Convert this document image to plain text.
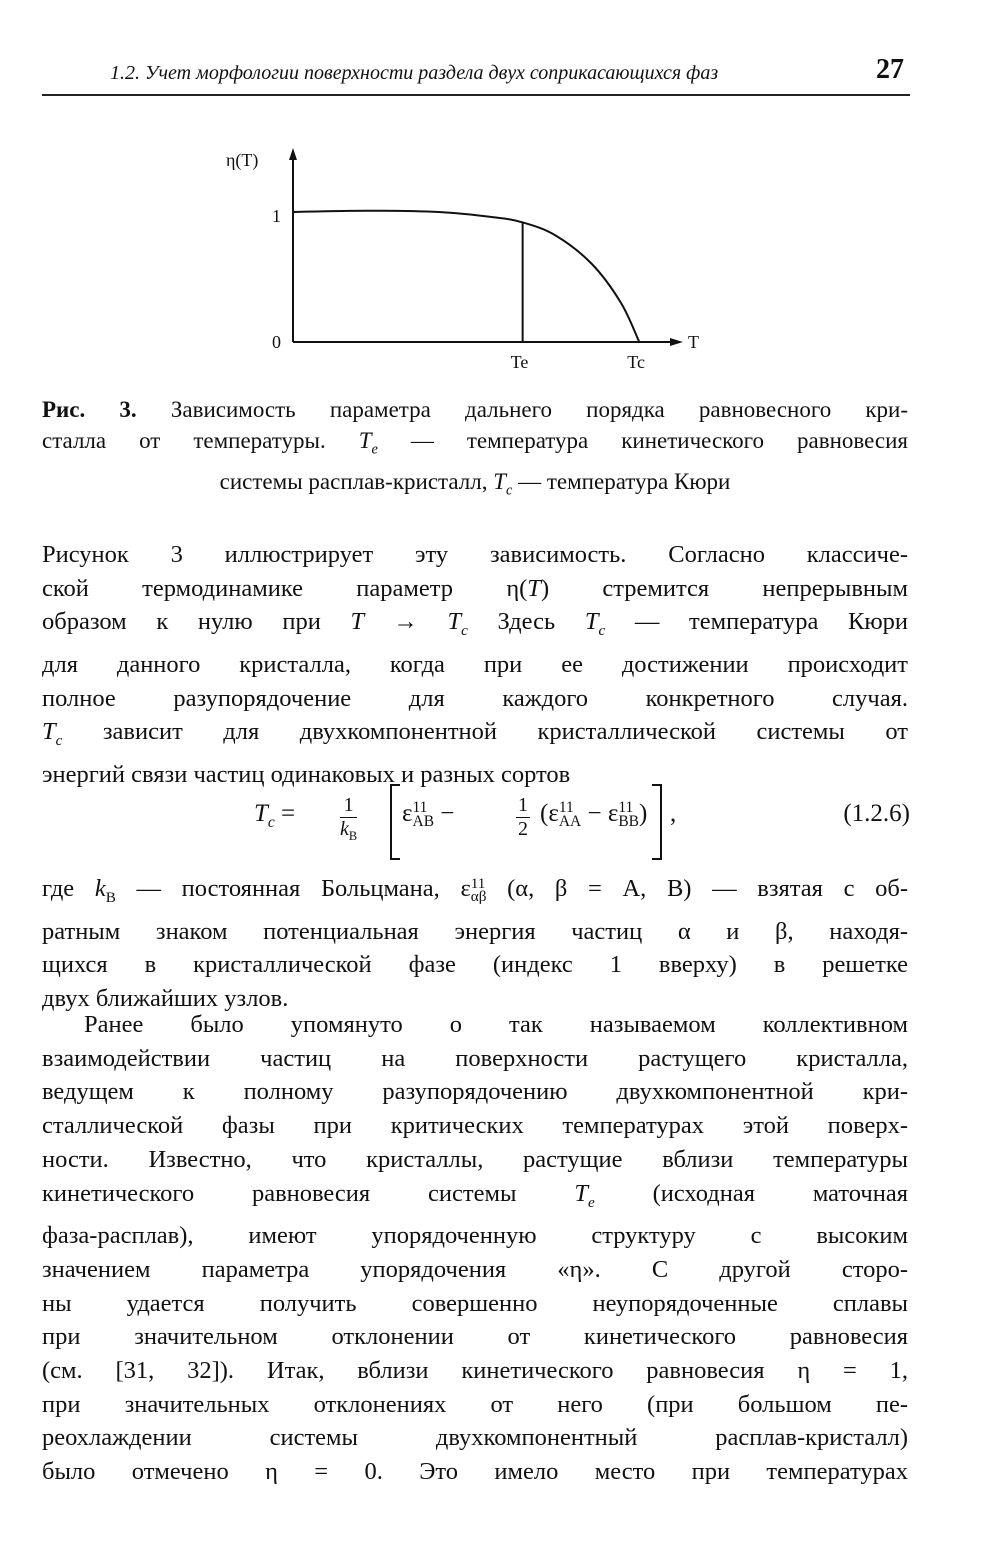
1.2. Учет морфологии поверхности раздела двух соприкасающихся фаз	27
η(T)
T
1
0
Te	Tc
Рис. 3. Зависимость параметра дальнего порядка равновесного кри-
сталла от температуры. $T_e$ — температура кинетического равновесия
системы расплав-кристалл, $T_c$ — температура Кюри

Рисунок 3 иллюстрирует эту зависимость. Согласно классиче-

ской термодинамике параметр η(T) стремится непрерывным

образом к нулю при $T \to T_c$ Здесь $T_c$ — температура Кюри

для данного кристалла, когда при ее достижении происходит

полное разупорядочение для каждого конкретного случая.

$T_c$ зависит для двухкомпонентной кристаллической системы от

энергий связи частиц одинаковых и разных сортов

$T_c = \frac{1}{k_B}$ ε 11
AB −	$\frac{1}{2} (\varepsilon$ 11
AA − ε 11
BB ) ,	(1.2.6)

где $k_B$ — постоянная Больцмана, ε 11
αβ (α, β = A, B) — взятая с об-

ратным знаком потенциальная энергия частиц α и β, находя-

щихся в кристаллической фазе (индекс 1 вверху) в решетке

двух ближайших узлов.

Ранее было упомянуто о так называемом коллективном

взаимодействии частиц на поверхности растущего кристалла,

ведущем к полному разупорядочению двухкомпонентной кри-

сталлической фазы при критических температурах этой поверх-

ности. Известно, что кристаллы, растущие вблизи температуры

кинетического равновесия системы $T_e$ (исходная маточная

фаза-расплав), имеют упорядоченную структуру с высоким

значением параметра упорядочения «η». С другой сторо-

ны удается получить совершенно неупорядоченные сплавы

при значительном отклонении от кинетического равновесия

(см. [31, 32]). Итак, вблизи кинетического равновесия η = 1,

при значительных отклонениях от него (при большом пе-

реохлаждении системы двухкомпонентный расплав-кристалл)

было отмечено η = 0. Это имело место при температурах
